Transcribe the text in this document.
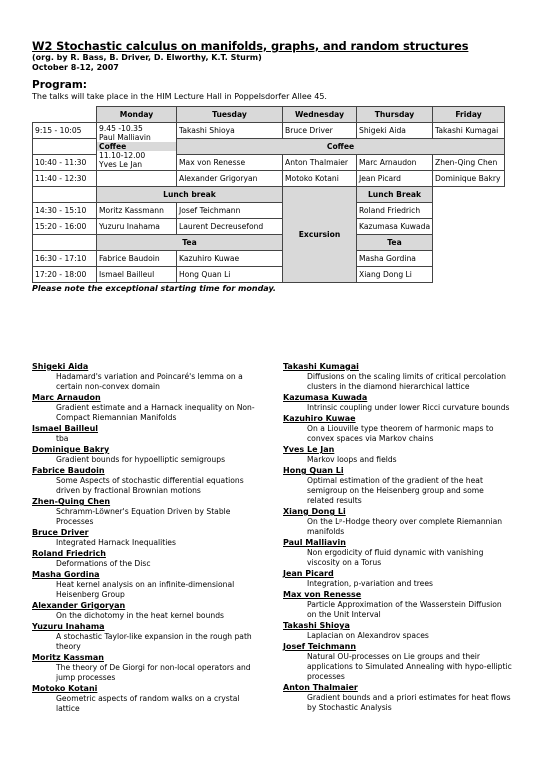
W2 Stochastic calculus on manifolds, graphs, and random structures
(org. by R. Bass, B. Driver, D. Elworthy, K.T. Sturm)
October 8-12, 2007
Program:
The talks will take place in the HIM Lecture Hall in Poppelsdorfer Allee 45.
	Monday	Tuesday	Wednesday	Thursday	Friday
9:15 - 10:05	9.45 -10.35
Paul Malliavin
Coffee
11.10-12.00
Yves Le Jan	Takashi Shioya	Bruce Driver	Shigeki Aida	Takashi Kumagai
		Coffee			
10:40 - 11:30		Max von Renesse	Anton Thalmaier	Marc Arnaudon	Zhen-Qing Chen
11:40 - 12:30		Alexander Grigoryan	Motoko Kotani	Jean Picard	Dominique Bakry
	Lunch break		Excursion	Lunch Break	
14:30 - 15:10	Moritz Kassmann	Josef Teichmann		Roland Friedrich	
15:20 - 16:00	Yuzuru Inahama	Laurent Decreusefond		Kazumasa Kuwada	
	Tea			Tea	
16:30 - 17:10	Fabrice Baudoin	Kazuhiro Kuwae		Masha Gordina	
17:20 - 18:00	Ismael Bailleul	Hong Quan Li		Xiang Dong Li	
Please note the exceptional starting time for monday.
Shigeki Aida
Hadamard's variation and Poincaré's lemma on a
certain non-convex domain
Marc Arnaudon
Gradient estimate and a Harnack inequality on Non-
Compact Riemannian Manifolds
Ismael Bailleul
tba
Dominique Bakry
Gradient bounds for hypoelliptic semigroups
Fabrice Baudoin
Some Aspects of stochastic differential equations
driven by fractional Brownian motions
Zhen-Quing Chen
Schramm-Löwner's Equation Driven by Stable
Processes
Bruce Driver
Integrated Harnack Inequalities
Roland Friedrich
Deformations of the Disc
Masha Gordina
Heat kernel analysis on an infinite-dimensional
Heisenberg Group
Alexander Grigoryan
On the dichotomy in the heat kernel bounds
Yuzuru Inahama
A stochastic Taylor-like expansion in the rough path
theory
Moritz Kassman
The theory of De Giorgi for non-local operators and
jump processes
Motoko Kotani
Geometric aspects of random walks on a crystal
lattice
Takashi Kumagai
Diffusions on the scaling limits of critical percolation
clusters in the diamond hierarchical lattice
Kazumasa Kuwada
Intrinsic coupling under lower Ricci curvature bounds
Kazuhiro Kuwae
On a Liouville type theorem of harmonic maps to
convex spaces via Markov chains
Yves Le Jan
Markov loops and fields
Hong Quan Li
Optimal estimation of the gradient of the heat
semigroup on the Heisenberg group and some
related results
Xiang Dong Li
On the Lᵖ-Hodge theory over complete Riemannian
manifolds
Paul Malliavin
Non ergodicity of fluid dynamic with vanishing
viscosity on a Torus
Jean Picard
Integration, p-variation and trees
Max von Renesse
Particle Approximation of the Wasserstein Diffusion
on the Unit Interval
Takashi Shioya
Laplacian on Alexandrov spaces
Josef Teichmann
Natural OU-processes on Lie groups and their
applications to Simulated Annealing with hypo-elliptic
processes
Anton Thalmaier
Gradient bounds and a priori estimates for heat flows
by Stochastic Analysis
